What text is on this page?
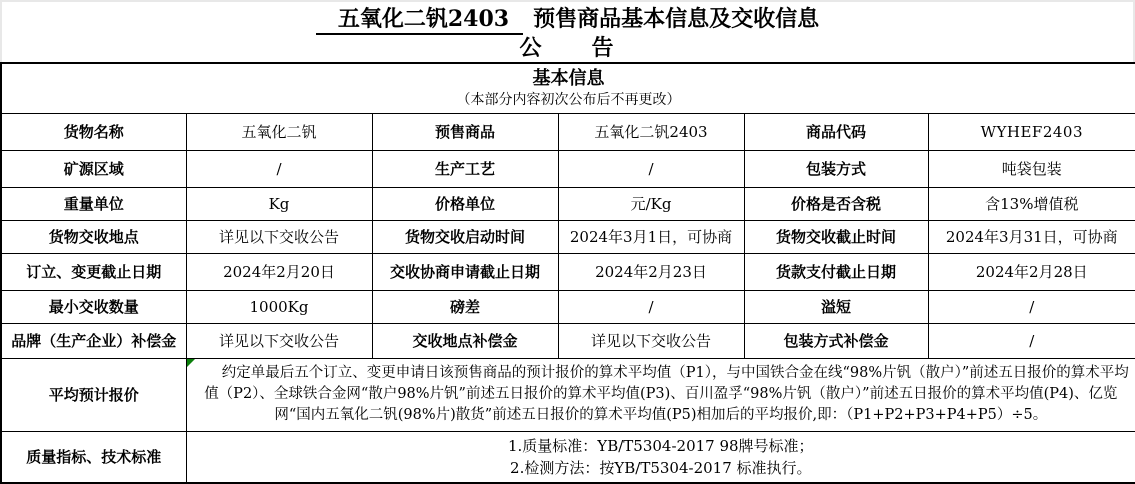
五氧化二钒2403 预售商品基本信息及交收信息
公　　告
基本信息
（本部分内容初次公布后不再更改）					

货物名称	五氧化二钒	预售商品	五氧化二钒2403	商品代码	WYHEF2403
矿源区域	/	生产工艺	/	包装方式	吨袋包装
重量单位	Kg	价格单位	元/Kg	价格是否含税	含13%增值税
货物交收地点	详见以下交收公告	货物交收启动时间	2024年3月1日，可协商	货物交收截止时间	2024年3月31日，可协商
订立、变更截止日期	2024年2月20日	交收协商申请截止日期	2024年2月23日	货款支付截止日期	2024年2月28日
最小交收数量	1000Kg	磅差	/	溢短	/
品牌（生产企业）补偿金	详见以下交收公告	交收地点补偿金	详见以下交收公告	包装方式补偿金	/
平均预计报价	约定单最后五个订立、变更申请日该预售商品的预计报价的算术平均值（P1），与中国铁合金在线“98%片钒（散户）”前述五日报价的算术平均值（P2）、全球铁合金网“散户98%片钒”前述五日报价的算术平均值(P3)、百川盈孚“98%片钒（散户）”前述五日报价的算术平均值(P4)、亿览网“国内五氧化二钒(98%片)散货”前述五日报价的算术平均值(P5)相加后的平均报价,即：（P1+P2+P3+P4+P5）÷5。				

质量指标、技术标准	1.质量标准：YB/T5304-2017 98牌号标准；
2.检测方法：按YB/T5304-2017 标准执行。				
